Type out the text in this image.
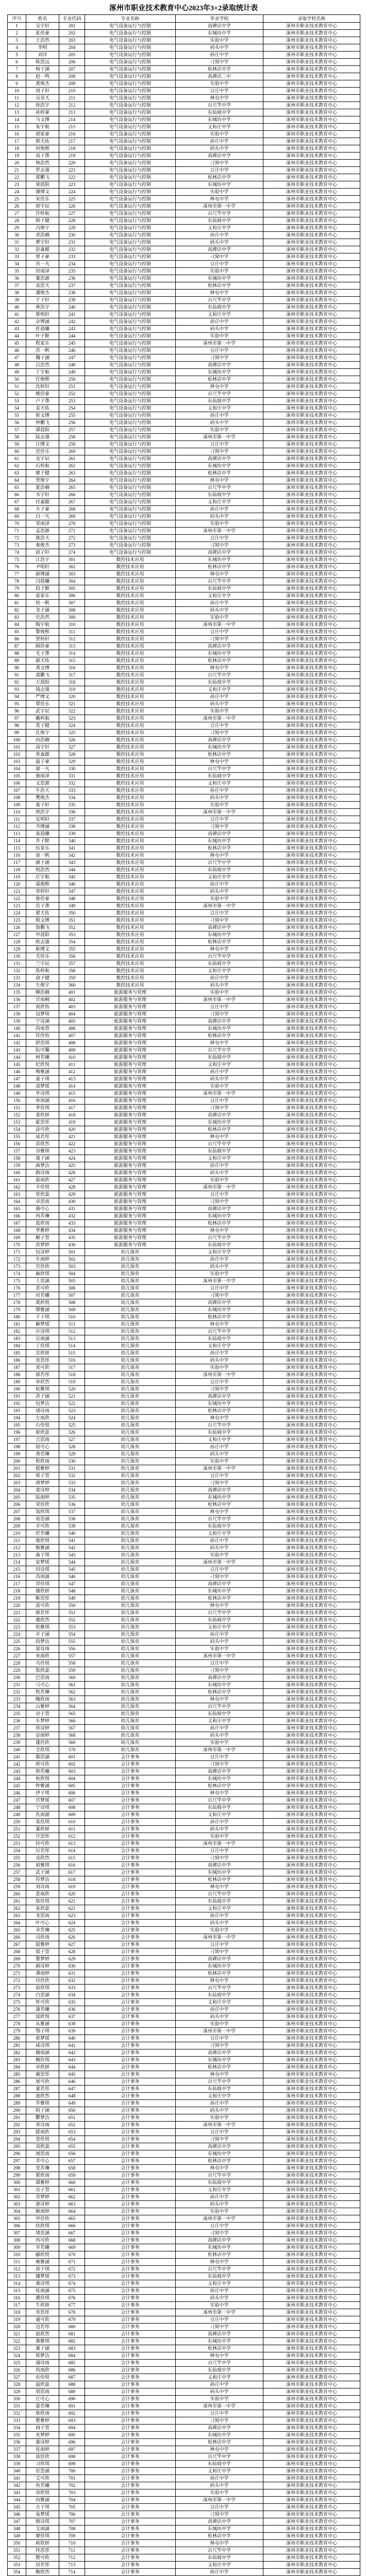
涿州市职业技术教育中心2023年3+2录取统计表
序号	姓名	专业代码	专业名称	毕业学校	录取学校名称
1	吴宇轩	201	电气设备运行与控制	高碑店中学	涿州市职业技术教育中心
2	张佳豪	202	电气设备运行与控制	东城坊中学	涿州市职业技术教育中心
3	王浩然	203	电气设备运行与控制	实验中学	涿州市职业技术教育中心
4	李明	204	电气设备运行与控制	码头中学	涿州市职业技术教育中心
5	刘洋	205	电气设备运行与控制	孙庄中学	涿州市职业技术教育中心
6	陈思远	206	电气设备运行与控制	刁窝中学	涿州市职业技术教育中心
7	杨子涵	207	电气设备运行与控制	松林店中学	涿州市职业技术教育中心
8	赵一鸣	208	电气设备运行与控制	高碑店二中	涿州市职业技术教育中心
9	黄俊杰	209	电气设备运行与控制	实验中学	涿州市职业技术教育中心
10	周子轩	210	电气设备运行与控制	豆庄中学	涿州市职业技术教育中心
11	吴昊天	211	电气设备运行与控制	林屯中学	涿州市职业技术教育中心
12	徐浩宇	212	电气设备运行与控制	百尺竿中学	涿州市职业技术教育中心
13	孙梓豪	213	电气设备运行与控制	东仙坡中学	涿州市职业技术教育中心
14	马文博	214	电气设备运行与控制	东城坊中学	涿州市职业技术教育中心
15	朱宇航	215	电气设备运行与控制	义和庄中学	涿州市职业技术教育中心
16	胡家豪	216	电气设备运行与控制	实验中学	涿州市职业技术教育中心
17	郭天佑	217	电气设备运行与控制	孙庄中学	涿州市职业技术教育中心
18	何俊熙	218	电气设备运行与控制	码头中学	涿州市职业技术教育中心
19	高子墨	219	电气设备运行与控制	高碑店中学	涿州市职业技术教育中心
20	林浩然	220	电气设备运行与控制	刁窝中学	涿州市职业技术教育中心
21	罗志强	221	电气设备运行与控制	豆庄中学	涿州市职业技术教育中心
22	郑鹏飞	222	电气设备运行与控制	松林店中学	涿州市职业技术教育中心
23	梁晨阳	223	电气设备运行与控制	东城坊中学	涿州市职业技术教育中心
24	谢博文	224	电气设备运行与控制	实验中学	涿州市职业技术教育中心
25	宋佳乐	225	电气设备运行与控制	林屯中学	涿州市职业技术教育中心
26	唐宇辰	226	电气设备运行与控制	涿州市第一中学	涿州市职业技术教育中心
27	许梓航	227	电气设备运行与控制	百尺竿中学	涿州市职业技术教育中心
28	韩子健	228	电气设备运行与控制	东仙坡中学	涿州市职业技术教育中心
29	冯俊宇	229	电气设备运行与控制	义和庄中学	涿州市职业技术教育中心
30	邓浩楠	230	电气设备运行与控制	孙庄中学	涿州市职业技术教育中心
31	曹宇轩	231	电气设备运行与控制	码头中学	涿州市职业技术教育中心
32	彭嘉懿	232	电气设备运行与控制	高碑店中学	涿州市职业技术教育中心
33	曾子豪	233	电气设备运行与控制	刁窝中学	涿州市职业技术教育中心
34	肖一凡	234	电气设备运行与控制	豆庄中学	涿州市职业技术教育中心
35	田雨泽	235	电气设备运行与控制	实验中学	涿州市职业技术教育中心
36	董思源	236	电气设备运行与控制	东城坊中学	涿州市职业技术教育中心
37	袁浩天	237	电气设备运行与控制	松林店中学	涿州市职业技术教育中心
38	潘俊杰	238	电气设备运行与控制	林屯中学	涿州市职业技术教育中心
39	于子轩	239	电气设备运行与控制	百尺竿中学	涿州市职业技术教育中心
40	蒋浩宇	240	电气设备运行与控制	东仙坡中学	涿州市职业技术教育中心
41	蔡明轩	241	电气设备运行与控制	义和庄中学	涿州市职业技术教育中心
42	余博涵	242	电气设备运行与控制	孙庄中学	涿州市职业技术教育中心
43	杜晨曦	243	电气设备运行与控制	码头中学	涿州市职业技术教育中心
44	叶子默	244	电气设备运行与控制	实验中学	涿州市职业技术教育中心
45	程家乐	245	电气设备运行与控制	涿州市第一中学	涿州市职业技术教育中心
46	苏一帆	246	电气设备运行与控制	豆庄中学	涿州市职业技术教育中心
47	魏子涵	247	电气设备运行与控制	刁窝中学	涿州市职业技术教育中心
48	吕浩然	248	电气设备运行与控制	高碑店中学	涿州市职业技术教育中心
49	丁宇航	249	电气设备运行与控制	东城坊中学	涿州市职业技术教育中心
50	任俊熙	250	电气设备运行与控制	松林店中学	涿州市职业技术教育中心
51	沈梓轩	251	电气设备运行与控制	林屯中学	涿州市职业技术教育中心
52	姚佳豪	252	电气设备运行与控制	百尺竿中学	涿州市职业技术教育中心
53	卢子墨	253	电气设备运行与控制	东仙坡中学	涿州市职业技术教育中心
54	姜天佑	254	电气设备运行与控制	义和庄中学	涿州市职业技术教育中心
55	崔文博	255	电气设备运行与控制	孙庄中学	涿州市职业技术教育中心
56	钟鹏飞	256	电气设备运行与控制	码头中学	涿州市职业技术教育中心
57	谭晨阳	257	电气设备运行与控制	实验中学	涿州市职业技术教育中心
58	陆志强	258	电气设备运行与控制	涿州市第一中学	涿州市职业技术教育中心
59	汪博文	259	电气设备运行与控制	豆庄中学	涿州市职业技术教育中心
60	范佳乐	260	电气设备运行与控制	刁窝中学	涿州市职业技术教育中心
61	金宇辰	261	电气设备运行与控制	高碑店中学	涿州市职业技术教育中心
62	石梓航	262	电气设备运行与控制	东城坊中学	涿州市职业技术教育中心
63	廖子健	263	电气设备运行与控制	松林店中学	涿州市职业技术教育中心
64	贾俊宇	264	电气设备运行与控制	林屯中学	涿州市职业技术教育中心
65	夏浩楠	265	电气设备运行与控制	百尺竿中学	涿州市职业技术教育中心
66	韦宇轩	266	电气设备运行与控制	东仙坡中学	涿州市职业技术教育中心
67	付嘉懿	267	电气设备运行与控制	义和庄中学	涿州市职业技术教育中心
68	方子豪	268	电气设备运行与控制	孙庄中学	涿州市职业技术教育中心
69	白一凡	269	电气设备运行与控制	码头中学	涿州市职业技术教育中心
70	邹雨泽	270	电气设备运行与控制	实验中学	涿州市职业技术教育中心
71	孟思源	271	电气设备运行与控制	涿州市第一中学	涿州市职业技术教育中心
72	熊浩天	272	电气设备运行与控制	豆庄中学	涿州市职业技术教育中心
73	秦俊杰	273	电气设备运行与控制	刁窝中学	涿州市职业技术教育中心
74	邱子轩	274	电气设备运行与控制	高碑店中学	涿州市职业技术教育中心
75	江浩宇	301	数控技术应用	东城坊中学	涿州市职业技术教育中心
76	尹明轩	302	数控技术应用	松林店中学	涿州市职业技术教育中心
77	薛博涵	303	数控技术应用	林屯中学	涿州市职业技术教育中心
78	闫晨曦	304	数控技术应用	百尺竿中学	涿州市职业技术教育中心
79	段子默	305	数控技术应用	东仙坡中学	涿州市职业技术教育中心
80	雷家乐	306	数控技术应用	义和庄中学	涿州市职业技术教育中心
81	侯一帆	307	数控技术应用	孙庄中学	涿州市职业技术教育中心
82	龙子涵	308	数控技术应用	码头中学	涿州市职业技术教育中心
83	史浩然	309	数控技术应用	实验中学	涿州市职业技术教育中心
84	陶宇航	310	数控技术应用	涿州市第一中学	涿州市职业技术教育中心
85	黎俊熙	311	数控技术应用	豆庄中学	涿州市职业技术教育中心
86	贺梓轩	312	数控技术应用	刁窝中学	涿州市职业技术教育中心
87	顾佳豪	313	数控技术应用	高碑店中学	涿州市职业技术教育中心
88	毛子墨	314	数控技术应用	东城坊中学	涿州市职业技术教育中心
89	郝天佑	315	数控技术应用	松林店中学	涿州市职业技术教育中心
90	龚文博	316	数控技术应用	林屯中学	涿州市职业技术教育中心
91	邵鹏飞	317	数控技术应用	百尺竿中学	涿州市职业技术教育中心
92	万晨阳	318	数控技术应用	东仙坡中学	涿州市职业技术教育中心
93	钱志强	319	数控技术应用	义和庄中学	涿州市职业技术教育中心
94	严博文	320	数控技术应用	孙庄中学	涿州市职业技术教育中心
95	覃佳乐	321	数控技术应用	码头中学	涿州市职业技术教育中心
96	武宇辰	322	数控技术应用	实验中学	涿州市职业技术教育中心
97	戴梓航	323	数控技术应用	涿州市第一中学	涿州市职业技术教育中心
98	莫子健	324	数控技术应用	豆庄中学	涿州市职业技术教育中心
99	孔俊宇	325	数控技术应用	刁窝中学	涿州市职业技术教育中心
100	向浩楠	326	数控技术应用	高碑店中学	涿州市职业技术教育中心
101	汤宇轩	327	数控技术应用	东城坊中学	涿州市职业技术教育中心
102	常嘉懿	328	数控技术应用	松林店中学	涿州市职业技术教育中心
103	温子豪	329	数控技术应用	林屯中学	涿州市职业技术教育中心
104	康一凡	330	数控技术应用	百尺竿中学	涿州市职业技术教育中心
105	施雨泽	331	数控技术应用	东仙坡中学	涿州市职业技术教育中心
106	文思源	332	数控技术应用	义和庄中学	涿州市职业技术教育中心
107	牛浩天	333	数控技术应用	孙庄中学	涿州市职业技术教育中心
108	樊俊杰	334	数控技术应用	码头中学	涿州市职业技术教育中心
109	葛子轩	335	数控技术应用	实验中学	涿州市职业技术教育中心
110	邢浩宇	336	数控技术应用	涿州市第一中学	涿州市职业技术教育中心
111	安明轩	337	数控技术应用	豆庄中学	涿州市职业技术教育中心
112	齐博涵	338	数控技术应用	刁窝中学	涿州市职业技术教育中心
113	易晨曦	339	数控技术应用	高碑店中学	涿州市职业技术教育中心
114	乔子默	340	数控技术应用	东城坊中学	涿州市职业技术教育中心
115	伍家乐	341	数控技术应用	松林店中学	涿州市职业技术教育中心
116	庞一帆	342	数控技术应用	林屯中学	涿州市职业技术教育中心
117	颜子涵	343	数控技术应用	百尺竿中学	涿州市职业技术教育中心
118	倪浩然	344	数控技术应用	东仙坡中学	涿州市职业技术教育中心
119	庄宇航	345	数控技术应用	义和庄中学	涿州市职业技术教育中心
120	聂俊熙	346	数控技术应用	孙庄中学	涿州市职业技术教育中心
121	章梓轩	347	数控技术应用	码头中学	涿州市职业技术教育中心
122	鲁佳豪	348	数控技术应用	实验中学	涿州市职业技术教育中心
123	岳子墨	349	数控技术应用	涿州市第一中学	涿州市职业技术教育中心
124	翟天佑	350	数控技术应用	豆庄中学	涿州市职业技术教育中心
125	殷文博	351	数控技术应用	刁窝中学	涿州市职业技术教育中心
126	詹鹏飞	352	数控技术应用	高碑店中学	涿州市职业技术教育中心
127	申晨阳	353	数控技术应用	东城坊中学	涿州市职业技术教育中心
128	欧志强	354	数控技术应用	松林店中学	涿州市职业技术教育中心
129	耿博文	355	数控技术应用	林屯中学	涿州市职业技术教育中心
130	关佳乐	356	数控技术应用	百尺竿中学	涿州市职业技术教育中心
131	兰宇辰	357	数控技术应用	东仙坡中学	涿州市职业技术教育中心
132	焦梓航	358	数控技术应用	义和庄中学	涿州市职业技术教育中心
133	俞子健	359	数控技术应用	孙庄中学	涿州市职业技术教育中心
134	左俊宇	360	数控技术应用	码头中学	涿州市职业技术教育中心
135	柳浩楠	401	旅游服务与管理	实验中学	涿州市职业技术教育中心
136	甘雨桐	402	旅游服务与管理	涿州市第一中学	涿州市职业技术教育中心
137	祝欣怡	403	旅游服务与管理	豆庄中学	涿州市职业技术教育中心
138	包梦琪	404	旅游服务与管理	刁窝中学	涿州市职业技术教育中心
139	宁诗涵	405	旅游服务与管理	高碑店中学	涿州市职业技术教育中心
140	尚雨萱	406	旅游服务与管理	东城坊中学	涿州市职业技术教育中心
141	符佳怡	407	旅游服务与管理	松林店中学	涿州市职业技术教育中心
142	舒思琪	408	旅游服务与管理	林屯中学	涿州市职业技术教育中心
143	阮可馨	409	旅游服务与管理	百尺竿中学	涿州市职业技术教育中心
144	柯若曦	410	旅游服务与管理	东仙坡中学	涿州市职业技术教育中心
145	纪欣悦	411	旅游服务与管理	义和庄中学	涿州市职业技术教育中心
146	梅雅涵	412	旅游服务与管理	孙庄中学	涿州市职业技术教育中心
147	童子琪	413	旅游服务与管理	码头中学	涿州市职业技术教育中心
148	凌梦瑶	414	旅游服务与管理	实验中学	涿州市职业技术教育中心
149	毕诗琪	415	旅游服务与管理	涿州市第一中学	涿州市职业技术教育中心
150	单雨涵	416	旅游服务与管理	豆庄中学	涿州市职业技术教育中心
151	季佳琪	417	旅游服务与管理	刁窝中学	涿州市职业技术教育中心
152	裴欣妍	418	旅游服务与管理	高碑店中学	涿州市职业技术教育中心
153	霍思彤	419	旅游服务与管理	东城坊中学	涿州市职业技术教育中心
154	涂可欣	420	旅游服务与管理	松林店中学	涿州市职业技术教育中心
155	成若彤	421	旅游服务与管理	林屯中学	涿州市职业技术教育中心
156	苗欣然	422	旅游服务与管理	百尺竿中学	涿州市职业技术教育中心
157	谷雅琪	423	旅游服务与管理	东仙坡中学	涿州市职业技术教育中心
158	盛子涵	424	旅游服务与管理	义和庄中学	涿州市职业技术教育中心
159	曲梦洁	425	旅游服务与管理	孙庄中学	涿州市职业技术教育中心
160	路诗雨	426	旅游服务与管理	码头中学	涿州市职业技术教育中心
161	游雨欣	427	旅游服务与管理	实验中学	涿州市职业技术教育中心
162	辛佳悦	428	旅游服务与管理	涿州市第一中学	涿州市职业技术教育中心
163	管欣蕊	429	旅游服务与管理	豆庄中学	涿州市职业技术教育中心
164	卓思雨	430	旅游服务与管理	刁窝中学	涿州市职业技术教育中心
165	骆可心	431	旅游服务与管理	高碑店中学	涿州市职业技术教育中心
166	冉若琳	432	旅游服务与管理	东城坊中学	涿州市职业技术教育中心
167	蓝欣雨	433	旅游服务与管理	松林店中学	涿州市职业技术教育中心
168	华雅婷	434	旅游服务与管理	林屯中学	涿州市职业技术教育中心
169	解子萱	435	旅游服务与管理	百尺竿中学	涿州市职业技术教育中心
170	洪梦婷	436	旅游服务与管理	东仙坡中学	涿州市职业技术教育中心
171	包诗婷	501	幼儿保育	义和庄中学	涿州市职业技术教育中心
172	车雨婷	502	幼儿保育	孙庄中学	涿州市职业技术教育中心
173	宫佳欣	503	幼儿保育	码头中学	涿州市职业技术教育中心
174	麻欣琪	504	幼儿保育	实验中学	涿州市职业技术教育中心
175	上思涵	505	幼儿保育	涿州市第一中学	涿州市职业技术教育中心
176	景可欣	506	幼儿保育	豆庄中学	涿州市职业技术教育中心
177	房若曦	507	幼儿保育	刁窝中学	涿州市职业技术教育中心
178	裘欣悦	508	幼儿保育	高碑店中学	涿州市职业技术教育中心
179	缪雅涵	509	幼儿保育	东城坊中学	涿州市职业技术教育中心
180	干子琪	510	幼儿保育	松林店中学	涿州市职业技术教育中心
181	解梦瑶	511	幼儿保育	林屯中学	涿州市职业技术教育中心
182	应诗琪	512	幼儿保育	百尺竿中学	涿州市职业技术教育中心
183	宗雨涵	513	幼儿保育	东仙坡中学	涿州市职业技术教育中心
184	丁佳琪	514	幼儿保育	义和庄中学	涿州市职业技术教育中心
185	宣欣妍	515	幼儿保育	孙庄中学	涿州市职业技术教育中心
186	贲思彤	516	幼儿保育	码头中学	涿州市职业技术教育中心
187	邓可欣	517	幼儿保育	实验中学	涿州市职业技术教育中心
188	郁若彤	518	幼儿保育	涿州市第一中学	涿州市职业技术教育中心
189	单欣然	519	幼儿保育	豆庄中学	涿州市职业技术教育中心
190	杭雅琪	520	幼儿保育	刁窝中学	涿州市职业技术教育中心
191	洪子涵	521	幼儿保育	高碑店中学	涿州市职业技术教育中心
192	包梦洁	522	幼儿保育	东城坊中学	涿州市职业技术教育中心
193	诸诗雨	523	幼儿保育	松林店中学	涿州市职业技术教育中心
194	左雨欣	524	幼儿保育	林屯中学	涿州市职业技术教育中心
195	石佳悦	525	幼儿保育	百尺竿中学	涿州市职业技术教育中心
196	崔欣蕊	526	幼儿保育	东仙坡中学	涿州市职业技术教育中心
197	吉思雨	527	幼儿保育	义和庄中学	涿州市职业技术教育中心
198	钮可心	528	幼儿保育	孙庄中学	涿州市职业技术教育中心
199	龚若琳	529	幼儿保育	码头中学	涿州市职业技术教育中心
200	程欣雨	530	幼儿保育	实验中学	涿州市职业技术教育中心
201	嵇雅婷	531	幼儿保育	涿州市第一中学	涿州市职业技术教育中心
202	邢子萱	532	幼儿保育	豆庄中学	涿州市职业技术教育中心
203	滑梦婷	533	幼儿保育	刁窝中学	涿州市职业技术教育中心
204	裴诗婷	534	幼儿保育	高碑店中学	涿州市职业技术教育中心
205	陆雨婷	535	幼儿保育	东城坊中学	涿州市职业技术教育中心
206	荣佳欣	536	幼儿保育	松林店中学	涿州市职业技术教育中心
207	翁欣琪	537	幼儿保育	林屯中学	涿州市职业技术教育中心
208	荀思涵	538	幼儿保育	百尺竿中学	涿州市职业技术教育中心
209	羊可欣	539	幼儿保育	东仙坡中学	涿州市职业技术教育中心
210	於若曦	540	幼儿保育	义和庄中学	涿州市职业技术教育中心
211	惠欣悦	541	幼儿保育	孙庄中学	涿州市职业技术教育中心
212	甄雅涵	542	幼儿保育	码头中学	涿州市职业技术教育中心
213	曲子琪	543	幼儿保育	实验中学	涿州市职业技术教育中心
214	家梦瑶	544	幼儿保育	涿州市第一中学	涿州市职业技术教育中心
215	封诗琪	545	幼儿保育	豆庄中学	涿州市职业技术教育中心
216	芮雨涵	546	幼儿保育	刁窝中学	涿州市职业技术教育中心
217	羿佳琪	547	幼儿保育	高碑店中学	涿州市职业技术教育中心
218	储欣妍	548	幼儿保育	东城坊中学	涿州市职业技术教育中心
219	靳思彤	549	幼儿保育	松林店中学	涿州市职业技术教育中心
220	汲可欣	550	幼儿保育	林屯中学	涿州市职业技术教育中心
221	邴若彤	551	幼儿保育	百尺竿中学	涿州市职业技术教育中心
222	糜欣然	552	幼儿保育	东仙坡中学	涿州市职业技术教育中心
223	松雅琪	553	幼儿保育	义和庄中学	涿州市职业技术教育中心
224	井子涵	554	幼儿保育	孙庄中学	涿州市职业技术教育中心
225	段梦洁	555	幼儿保育	码头中学	涿州市职业技术教育中心
226	富诗雨	556	幼儿保育	实验中学	涿州市职业技术教育中心
227	巫雨欣	557	幼儿保育	涿州市第一中学	涿州市职业技术教育中心
228	乌佳悦	558	幼儿保育	豆庄中学	涿州市职业技术教育中心
229	焦欣蕊	559	幼儿保育	刁窝中学	涿州市职业技术教育中心
230	巴思雨	560	幼儿保育	高碑店中学	涿州市职业技术教育中心
231	弓可心	561	幼儿保育	东城坊中学	涿州市职业技术教育中心
232	牧若琳	562	幼儿保育	松林店中学	涿州市职业技术教育中心
233	隗欣雨	563	幼儿保育	林屯中学	涿州市职业技术教育中心
234	山雅婷	564	幼儿保育	百尺竿中学	涿州市职业技术教育中心
235	谷子萱	565	幼儿保育	东仙坡中学	涿州市职业技术教育中心
236	车梦婷	566	幼儿保育	义和庄中学	涿州市职业技术教育中心
237	侯诗婷	567	幼儿保育	孙庄中学	涿州市职业技术教育中心
238	宓雨婷	568	幼儿保育	码头中学	涿州市职业技术教育中心
239	蓬佳欣	569	幼儿保育	实验中学	涿州市职业技术教育中心
240	全欣琪	570	幼儿保育	涿州市第一中学	涿州市职业技术教育中心
241	郗思涵	601	会计事务	豆庄中学	涿州市职业技术教育中心
242	班可欣	602	会计事务	刁窝中学	涿州市职业技术教育中心
243	仰若曦	603	会计事务	高碑店中学	涿州市职业技术教育中心
244	秋欣悦	604	会计事务	东城坊中学	涿州市职业技术教育中心
245	仲雅涵	605	会计事务	松林店中学	涿州市职业技术教育中心
246	伊子琪	606	会计事务	林屯中学	涿州市职业技术教育中心
247	宫梦瑶	607	会计事务	百尺竿中学	涿州市职业技术教育中心
248	宁诗琪	608	会计事务	东仙坡中学	涿州市职业技术教育中心
249	仇雨涵	609	会计事务	义和庄中学	涿州市职业技术教育中心
250	栾佳琪	610	会计事务	孙庄中学	涿州市职业技术教育中心
251	暴欣妍	611	会计事务	码头中学	涿州市职业技术教育中心
252	甘思彤	612	会计事务	实验中学	涿州市职业技术教育中心
253	钭可欣	613	会计事务	涿州市第一中学	涿州市职业技术教育中心
254	厉若彤	614	会计事务	豆庄中学	涿州市职业技术教育中心
255	戎欣然	615	会计事务	刁窝中学	涿州市职业技术教育中心
256	祖雅琪	616	会计事务	高碑店中学	涿州市职业技术教育中心
257	武子涵	617	会计事务	东城坊中学	涿州市职业技术教育中心
258	符梦洁	618	会计事务	松林店中学	涿州市职业技术教育中心
259	刘诗雨	619	会计事务	林屯中学	涿州市职业技术教育中心
260	景雨欣	620	会计事务	百尺竿中学	涿州市职业技术教育中心
261	詹佳悦	621	会计事务	东仙坡中学	涿州市职业技术教育中心
262	束欣蕊	622	会计事务	义和庄中学	涿州市职业技术教育中心
263	龙思雨	623	会计事务	孙庄中学	涿州市职业技术教育中心
264	叶可心	624	会计事务	码头中学	涿州市职业技术教育中心
265	幸若琳	625	会计事务	实验中学	涿州市职业技术教育中心
266	司欣雨	626	会计事务	涿州市第一中学	涿州市职业技术教育中心
267	韶雅婷	627	会计事务	豆庄中学	涿州市职业技术教育中心
268	郜子萱	628	会计事务	刁窝中学	涿州市职业技术教育中心
269	黎梦婷	629	会计事务	高碑店中学	涿州市职业技术教育中心
270	蓟诗婷	630	会计事务	东城坊中学	涿州市职业技术教育中心
271	薄雨婷	631	会计事务	松林店中学	涿州市职业技术教育中心
272	印佳欣	632	会计事务	林屯中学	涿州市职业技术教育中心
273	宿欣琪	633	会计事务	百尺竿中学	涿州市职业技术教育中心
274	白思涵	634	会计事务	东仙坡中学	涿州市职业技术教育中心
275	怀可欣	635	会计事务	义和庄中学	涿州市职业技术教育中心
276	蒲若曦	636	会计事务	孙庄中学	涿州市职业技术教育中心
277	邰欣悦	637	会计事务	码头中学	涿州市职业技术教育中心
278	从雅涵	638	会计事务	实验中学	涿州市职业技术教育中心
279	鄂子琪	639	会计事务	涿州市第一中学	涿州市职业技术教育中心
280	索梦瑶	640	会计事务	豆庄中学	涿州市职业技术教育中心
281	咸诗琪	641	会计事务	刁窝中学	涿州市职业技术教育中心
282	籍雨涵	642	会计事务	高碑店中学	涿州市职业技术教育中心
283	赖佳琪	643	会计事务	东城坊中学	涿州市职业技术教育中心
284	卓欣妍	644	会计事务	松林店中学	涿州市职业技术教育中心
285	蔺思彤	645	会计事务	林屯中学	涿州市职业技术教育中心
286	屠可欣	646	会计事务	百尺竿中学	涿州市职业技术教育中心
287	蒙若彤	647	会计事务	东仙坡中学	涿州市职业技术教育中心
288	池欣然	648	会计事务	义和庄中学	涿州市职业技术教育中心
289	乔雅琪	649	会计事务	孙庄中学	涿州市职业技术教育中心
290	阴子涵	650	会计事务	码头中学	涿州市职业技术教育中心
291	鬱梦洁	651	会计事务	实验中学	涿州市职业技术教育中心
292	胥诗雨	652	会计事务	涿州市第一中学	涿州市职业技术教育中心
293	能雨欣	653	会计事务	豆庄中学	涿州市职业技术教育中心
294	苍佳悦	654	会计事务	刁窝中学	涿州市职业技术教育中心
295	双欣蕊	655	会计事务	高碑店中学	涿州市职业技术教育中心
296	闻思雨	656	会计事务	东城坊中学	涿州市职业技术教育中心
297	莘可心	657	会计事务	松林店中学	涿州市职业技术教育中心
298	党若琳	658	会计事务	林屯中学	涿州市职业技术教育中心
299	翟欣雨	659	会计事务	百尺竿中学	涿州市职业技术教育中心
300	谭雅婷	660	会计事务	东仙坡中学	涿州市职业技术教育中心
301	贡子萱	661	会计事务	义和庄中学	涿州市职业技术教育中心
302	劳梦婷	662	会计事务	孙庄中学	涿州市职业技术教育中心
303	逄诗婷	663	会计事务	码头中学	涿州市职业技术教育中心
304	姬雨婷	664	会计事务	实验中学	涿州市职业技术教育中心
305	申佳欣	665	会计事务	涿州市第一中学	涿州市职业技术教育中心
306	扶欣琪	666	会计事务	豆庄中学	涿州市职业技术教育中心
307	堵思涵	667	会计事务	刁窝中学	涿州市职业技术教育中心
308	冉可欣	668	会计事务	高碑店中学	涿州市职业技术教育中心
309	宰若曦	669	会计事务	东城坊中学	涿州市职业技术教育中心
310	郦欣悦	670	会计事务	松林店中学	涿州市职业技术教育中心
311	雍雅涵	671	会计事务	林屯中学	涿州市职业技术教育中心
312	却子琪	672	会计事务	百尺竿中学	涿州市职业技术教育中心
313	璩梦瑶	673	会计事务	东仙坡中学	涿州市职业技术教育中心
314	桑诗琪	674	会计事务	义和庄中学	涿州市职业技术教育中心
315	桂雨涵	675	会计事务	孙庄中学	涿州市职业技术教育中心
316	濮佳琪	676	会计事务	码头中学	涿州市职业技术教育中心
317	牛欣妍	677	会计事务	实验中学	涿州市职业技术教育中心
318	寿思彤	678	会计事务	涿州市第一中学	涿州市职业技术教育中心
319	通可欣	679	会计事务	豆庄中学	涿州市职业技术教育中心
320	边若彤	680	会计事务	刁窝中学	涿州市职业技术教育中心
321	扈欣然	681	会计事务	高碑店中学	涿州市职业技术教育中心
322	燕雅琪	682	会计事务	东城坊中学	涿州市职业技术教育中心
323	冀子涵	683	会计事务	松林店中学	涿州市职业技术教育中心
324	郏梦洁	684	会计事务	林屯中学	涿州市职业技术教育中心
325	浦诗雨	685	会计事务	百尺竿中学	涿州市职业技术教育中心
326	尚雨欣	686	会计事务	东仙坡中学	涿州市职业技术教育中心
327	农佳悦	687	会计事务	义和庄中学	涿州市职业技术教育中心
328	温欣蕊	688	会计事务	孙庄中学	涿州市职业技术教育中心
329	别思雨	689	会计事务	码头中学	涿州市职业技术教育中心
330	庄可心	690	会计事务	实验中学	涿州市职业技术教育中心
331	晏若琳	691	会计事务	涿州市第一中学	涿州市职业技术教育中心
332	柴欣雨	692	会计事务	豆庄中学	涿州市职业技术教育中心
333	瞿雅婷	693	会计事务	刁窝中学	涿州市职业技术教育中心
334	阎子萱	694	会计事务	高碑店中学	涿州市职业技术教育中心
335	充梦婷	695	会计事务	东城坊中学	涿州市职业技术教育中心
336	慕诗婷	696	会计事务	松林店中学	涿州市职业技术教育中心
337	连雨婷	697	会计事务	林屯中学	涿州市职业技术教育中心
338	茹佳欣	698	会计事务	百尺竿中学	涿州市职业技术教育中心
339	习欣琪	699	会计事务	东仙坡中学	涿州市职业技术教育中心
340	宦思涵	700	会计事务	义和庄中学	涿州市职业技术教育中心
341	艾可欣	701	会计事务	孙庄中学	涿州市职业技术教育中心
342	鱼若曦	702	会计事务	码头中学	涿州市职业技术教育中心
343	容欣悦	703	会计事务	实验中学	涿州市职业技术教育中心
344	向雅涵	704	会计事务	涿州市第一中学	涿州市职业技术教育中心
345	古子琪	705	会计事务	豆庄中学	涿州市职业技术教育中心
346	易梦瑶	706	会计事务	刁窝中学	涿州市职业技术教育中心
347	慎诗琪	707	会计事务	高碑店中学	涿州市职业技术教育中心
348	戈雨涵	708	会计事务	东城坊中学	涿州市职业技术教育中心
349	廖佳琪	709	会计事务	松林店中学	涿州市职业技术教育中心
350	庾欣妍	710	会计事务	林屯中学	涿州市职业技术教育中心
351	终思彤	711	会计事务	百尺竿中学	涿州市职业技术教育中心
352	暨可欣	712	会计事务	东仙坡中学	涿州市职业技术教育中心
353	居若彤	713	会计事务	义和庄中学	涿州市职业技术教育中心
354	衡欣然	714	会计事务	孙庄中学	涿州市职业技术教育中心
